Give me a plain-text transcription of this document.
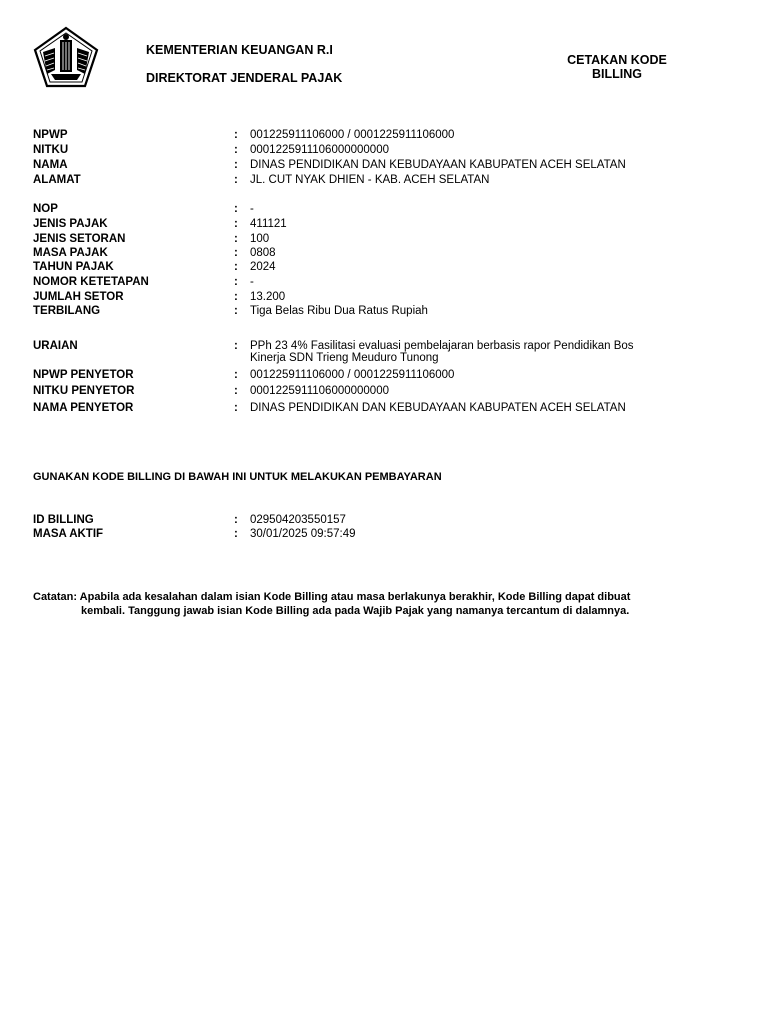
KEMENTERIAN KEUANGAN R.I
DIREKTORAT JENDERAL PAJAK
CETAKAN KODE
BILLING
NPWP	: 001225911106000 / 0001225911106000
NITKU	: 0001225911106000000000
NAMA	: DINAS PENDIDIKAN DAN KEBUDAYAAN KABUPATEN ACEH SELATAN
ALAMAT	: JL. CUT NYAK DHIEN - KAB. ACEH SELATAN
NOP	: -
JENIS PAJAK	: 411121
JENIS SETORAN	: 100
MASA PAJAK	: 0808
TAHUN PAJAK	: 2024
NOMOR KETETAPAN	: -
JUMLAH SETOR	: 13.200
TERBILANG	: Tiga Belas Ribu Dua Ratus Rupiah
URAIAN	: PPh 23 4% Fasilitasi evaluasi pembelajaran berbasis rapor Pendidikan Bos
Kinerja SDN Trieng Meuduro Tunong
NPWP PENYETOR	: 001225911106000 / 0001225911106000
NITKU PENYETOR	: 0001225911106000000000
NAMA PENYETOR	: DINAS PENDIDIKAN DAN KEBUDAYAAN KABUPATEN ACEH SELATAN
GUNAKAN KODE BILLING DI BAWAH INI UNTUK MELAKUKAN PEMBAYARAN
ID BILLING	: 029504203550157
MASA AKTIF	: 30/01/2025 09:57:49
Catatan: Apabila ada kesalahan dalam isian Kode Billing atau masa berlakunya berakhir, Kode Billing dapat dibuat
kembali. Tanggung jawab isian Kode Billing ada pada Wajib Pajak yang namanya tercantum di dalamnya.
